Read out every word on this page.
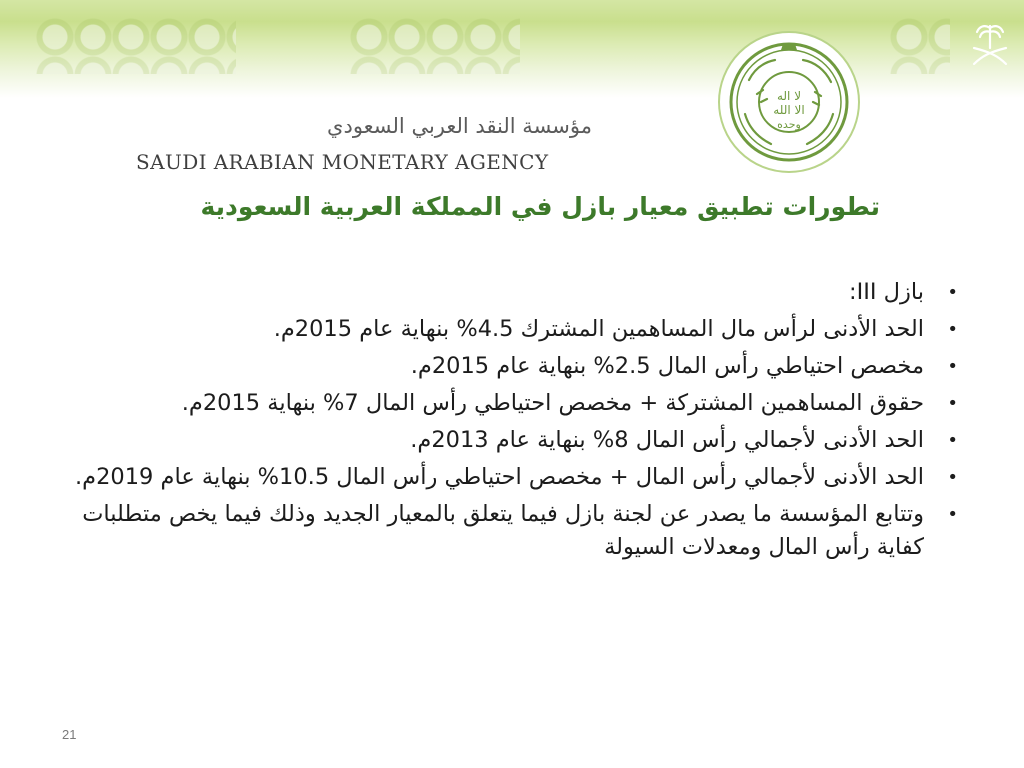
لا اله
الا الله
وحده
مؤسسة النقد العربي السعودي
SAUDI ARABIAN MONETARY AGENCY
تطورات تطبيق معيار بازل في المملكة العربية السعودية
•
بازل III:
•
الحد الأدنى لرأس مال المساهمين المشترك 4.5% بنهاية عام 2015م.
•
مخصص احتياطي رأس المال 2.5% بنهاية عام 2015م.
•
حقوق المساهمين المشتركة + مخصص احتياطي رأس المال 7% بنهاية 2015م.
•
الحد الأدنى لأجمالي رأس المال 8% بنهاية عام 2013م.
•
الحد الأدنى لأجمالي رأس المال + مخصص احتياطي رأس المال 10.5% بنهاية عام 2019م.
•
وتتابع المؤسسة ما يصدر عن لجنة بازل فيما يتعلق بالمعيار الجديد وذلك فيما يخص متطلبات كفاية رأس المال ومعدلات السيولة
21
